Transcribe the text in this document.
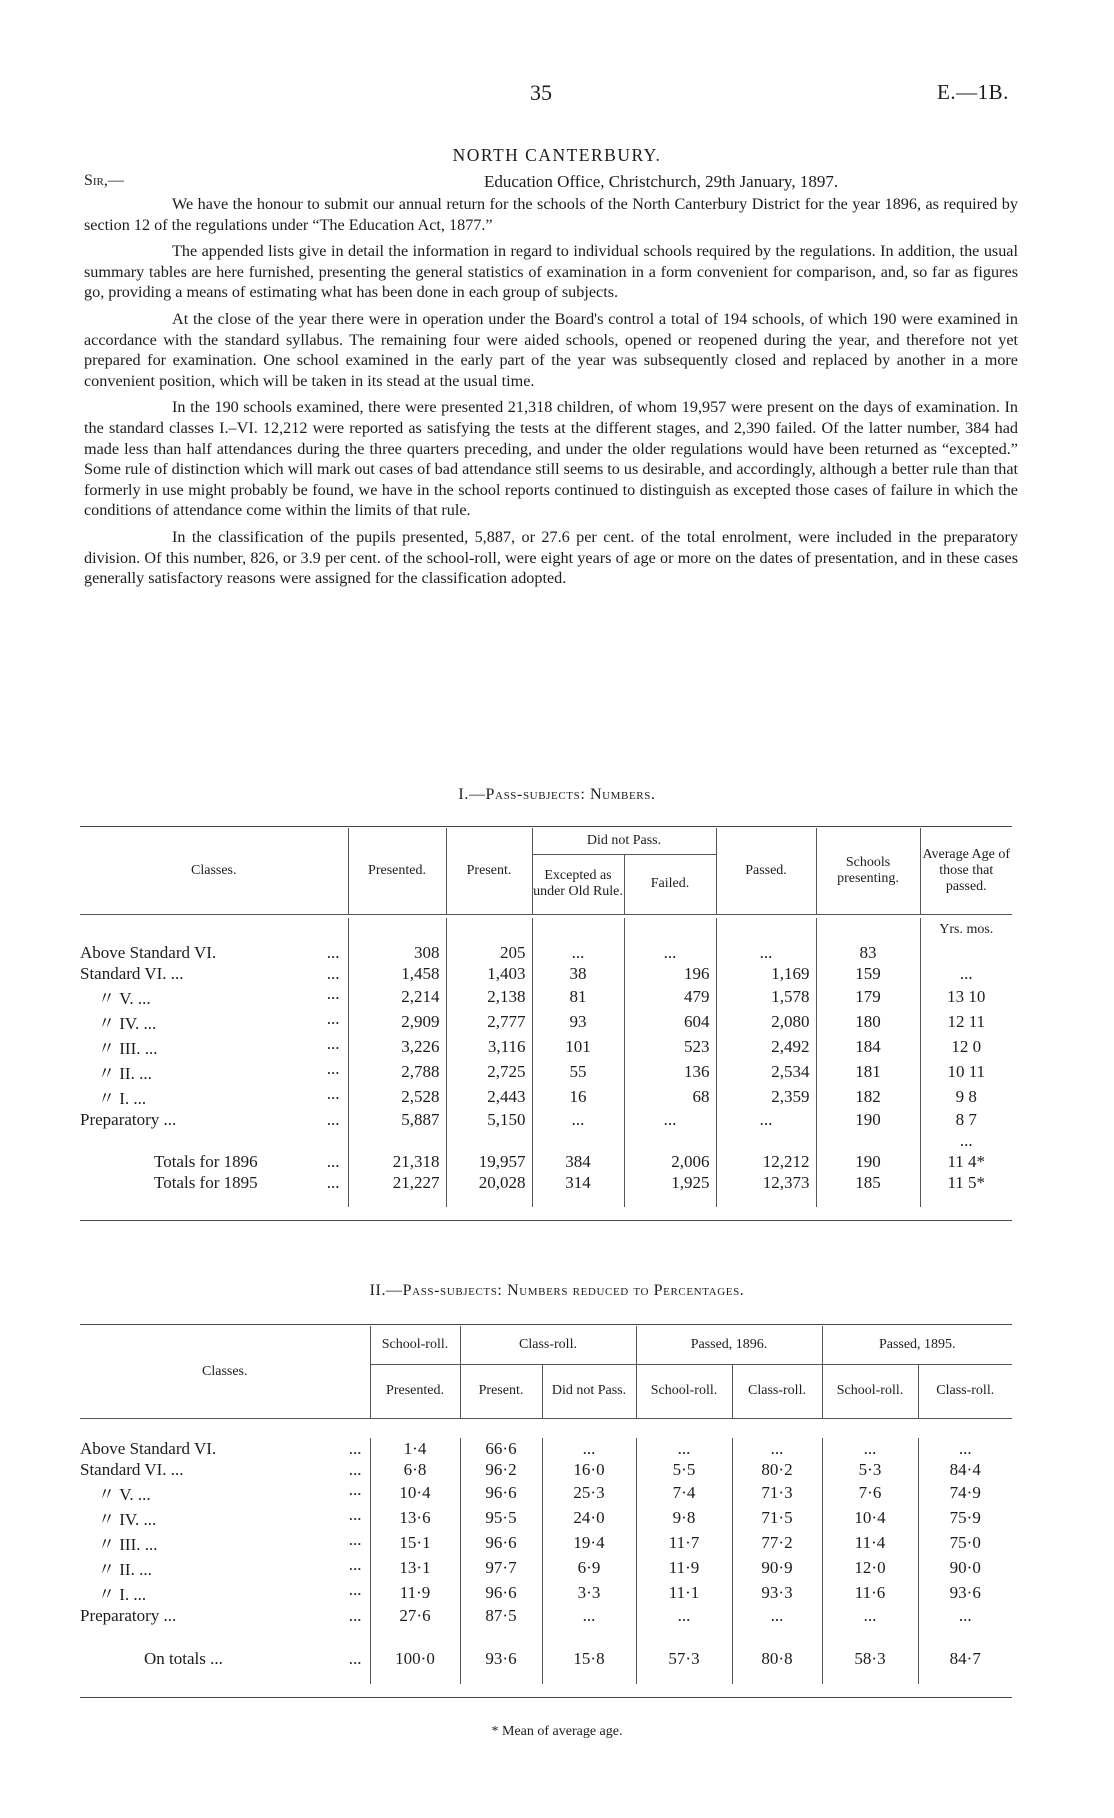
35	E.—1B.
NORTH CANTERBURY.
Sir,—	Education Office, Christchurch, 29th January, 1897.

We have the honour to submit our annual return for the schools of the North Canterbury District for the year 1896, as required by section 12 of the regulations under “The Education Act, 1877.”

The appended lists give in detail the information in regard to individual schools required by the regulations. In addition, the usual summary tables are here furnished, presenting the general statistics of examination in a form convenient for comparison, and, so far as figures go, providing a means of estimating what has been done in each group of subjects.

At the close of the year there were in operation under the Board's control a total of 194 schools, of which 190 were examined in accordance with the standard syllabus. The remaining four were aided schools, opened or reopened during the year, and therefore not yet prepared for examination. One school examined in the early part of the year was subsequently closed and replaced by another in a more convenient position, which will be taken in its stead at the usual time.

In the 190 schools examined, there were presented 21,318 children, of whom 19,957 were present on the days of examination. In the standard classes I.–VI. 12,212 were reported as satisfying the tests at the different stages, and 2,390 failed. Of the latter number, 384 had made less than half attendances during the three quarters preceding, and under the older regulations would have been returned as “excepted.” Some rule of distinction which will mark out cases of bad attendance still seems to us desirable, and accordingly, although a better rule than that formerly in use might probably be found, we have in the school reports continued to distinguish as excepted those cases of failure in which the conditions of attendance come within the limits of that rule.

In the classification of the pupils presented, 5,887, or 27.6 per cent. of the total enrolment, were included in the preparatory division. Of this number, 826, or 3.9 per cent. of the school-roll, were eight years of age or more on the dates of presentation, and in these cases generally satisfactory reasons were assigned for the classification adopted.

I.—Pass-subjects: Numbers.
Classes.	Presented.	Present.	Did not Pass.		Passed.	Schools presenting.	Average Age of those that passed.
			Excepted as under Old Rule.	Failed.			

							Yrs. mos.
Above Standard VI. ...	308	205	...	...	...	83	
Standard VI. ... ...	1,458	1,403	38	196	1,169	159	...
〃 V. ... ...	2,214	2,138	81	479	1,578	179	13 10
〃 IV. ... ...	2,909	2,777	93	604	2,080	180	12 11
〃 III. ... ...	3,226	3,116	101	523	2,492	184	12 0
〃 II. ... ...	2,788	2,725	55	136	2,534	181	10 11
〃 I. ... ...	2,528	2,443	16	68	2,359	182	9 8
Preparatory ... ...	5,887	5,150	...	...	...	190	8 7
							...
Totals for 1896 ...	21,318	19,957	384	2,006	12,212	190	11 4*
Totals for 1895 ...	21,227	20,028	314	1,925	12,373	185	11 5*

II.—Pass-subjects: Numbers reduced to Percentages.
Classes.	School-roll.	Class-roll.		Passed, 1896.		Passed, 1895.	
	Presented.	Present.	Did not Pass.	School-roll.	Class-roll.	School-roll.	Class-roll.

Above Standard VI. ...	1·4	66·6	...	...	...	...	...
Standard VI. ... ...	6·8	96·2	16·0	5·5	80·2	5·3	84·4
〃 V. ... ...	10·4	96·6	25·3	7·4	71·3	7·6	74·9
〃 IV. ... ...	13·6	95·5	24·0	9·8	71·5	10·4	75·9
〃 III. ... ...	15·1	96·6	19·4	11·7	77·2	11·4	75·0
〃 II. ... ...	13·1	97·7	6·9	11·9	90·9	12·0	90·0
〃 I. ... ...	11·9	96·6	3·3	11·1	93·3	11·6	93·6
Preparatory ... ...	27·6	87·5	...	...	...	...	...

On totals ... ...	100·0	93·6	15·8	57·3	80·8	58·3	84·7

* Mean of average age.
